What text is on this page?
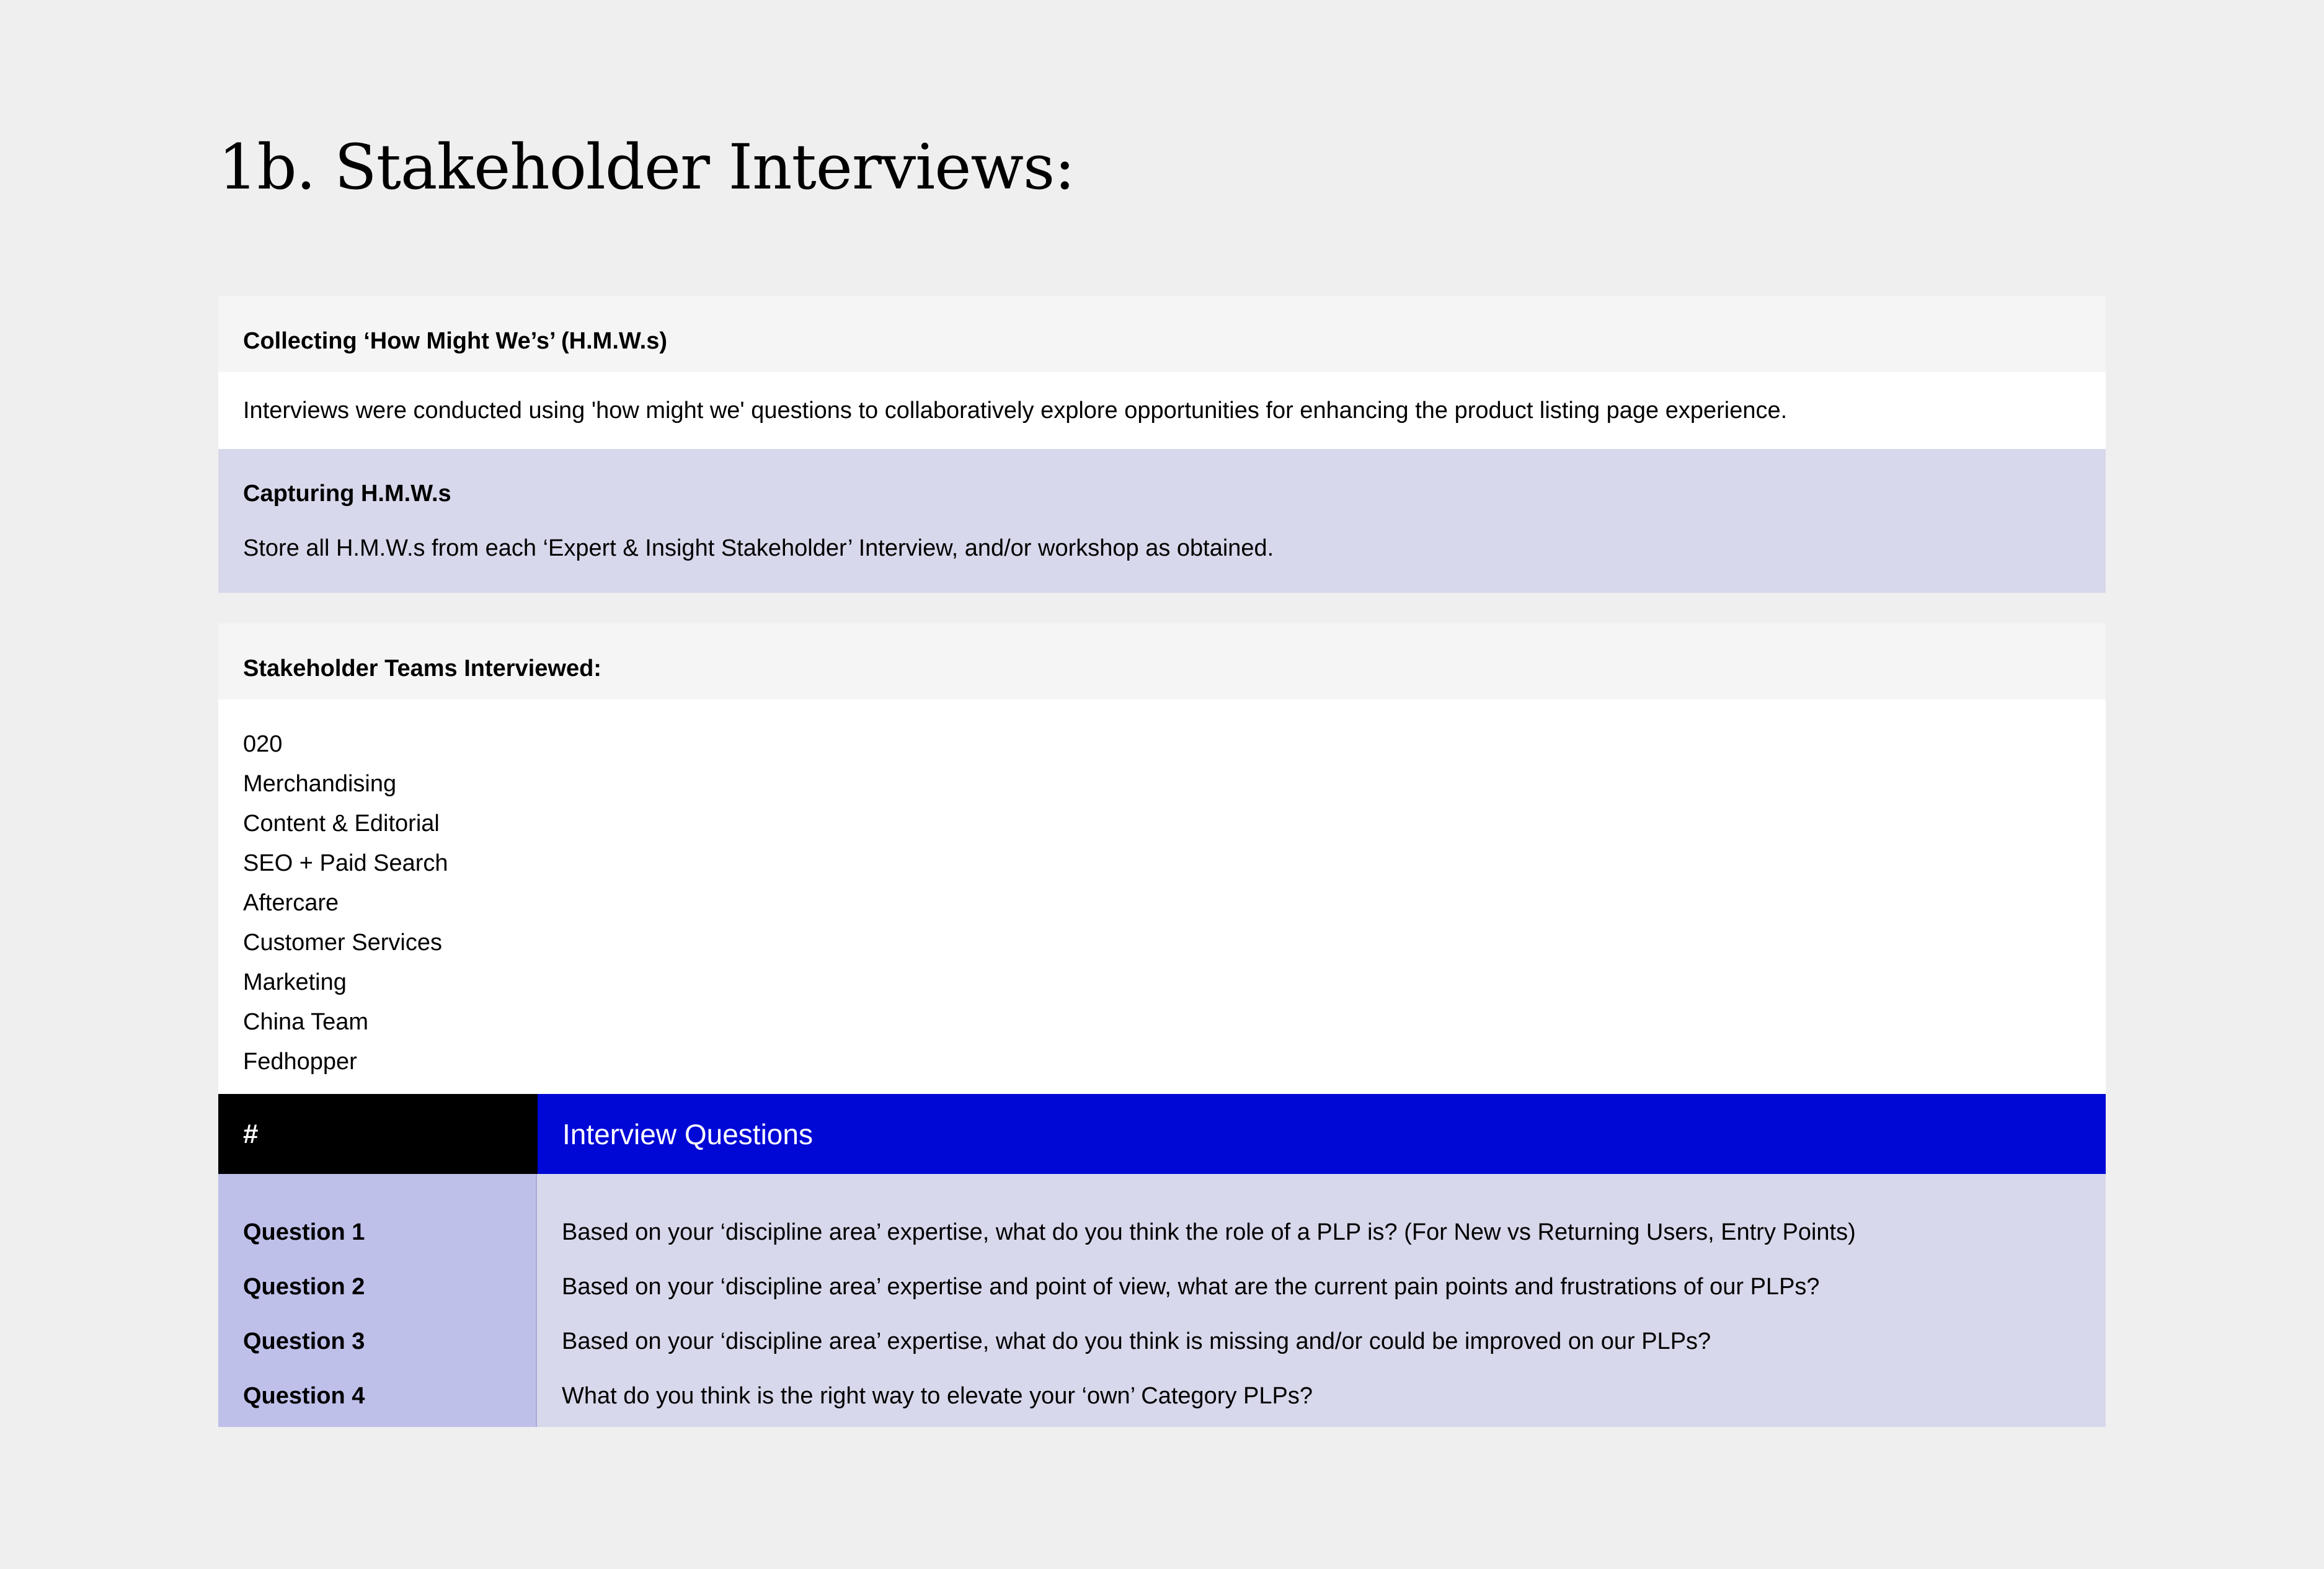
1b. Stakeholder Interviews:
Collecting ‘How Might We’s’ (H.M.W.s)
Interviews were conducted using 'how might we' questions to collaboratively explore opportunities for enhancing the product listing page experience.
Capturing H.M.W.s
Store all H.M.W.s from each ‘Expert & Insight Stakeholder’ Interview, and/or workshop as obtained.
Stakeholder Teams Interviewed:
020
Merchandising
Content & Editorial
SEO + Paid Search
Aftercare
Customer Services
Marketing
China Team
Fedhopper
#	Interview Questions
Question 1
Question 2
Question 3
Question 4
Based on your ‘discipline area’ expertise, what do you think the role of a PLP is? (For New vs Returning Users, Entry Points)
Based on your ‘discipline area’ expertise and point of view, what are the current pain points and frustrations of our PLPs?
Based on your ‘discipline area’ expertise, what do you think is missing and/or could be improved on our PLPs?
What do you think is the right way to elevate your ‘own’ Category PLPs?
